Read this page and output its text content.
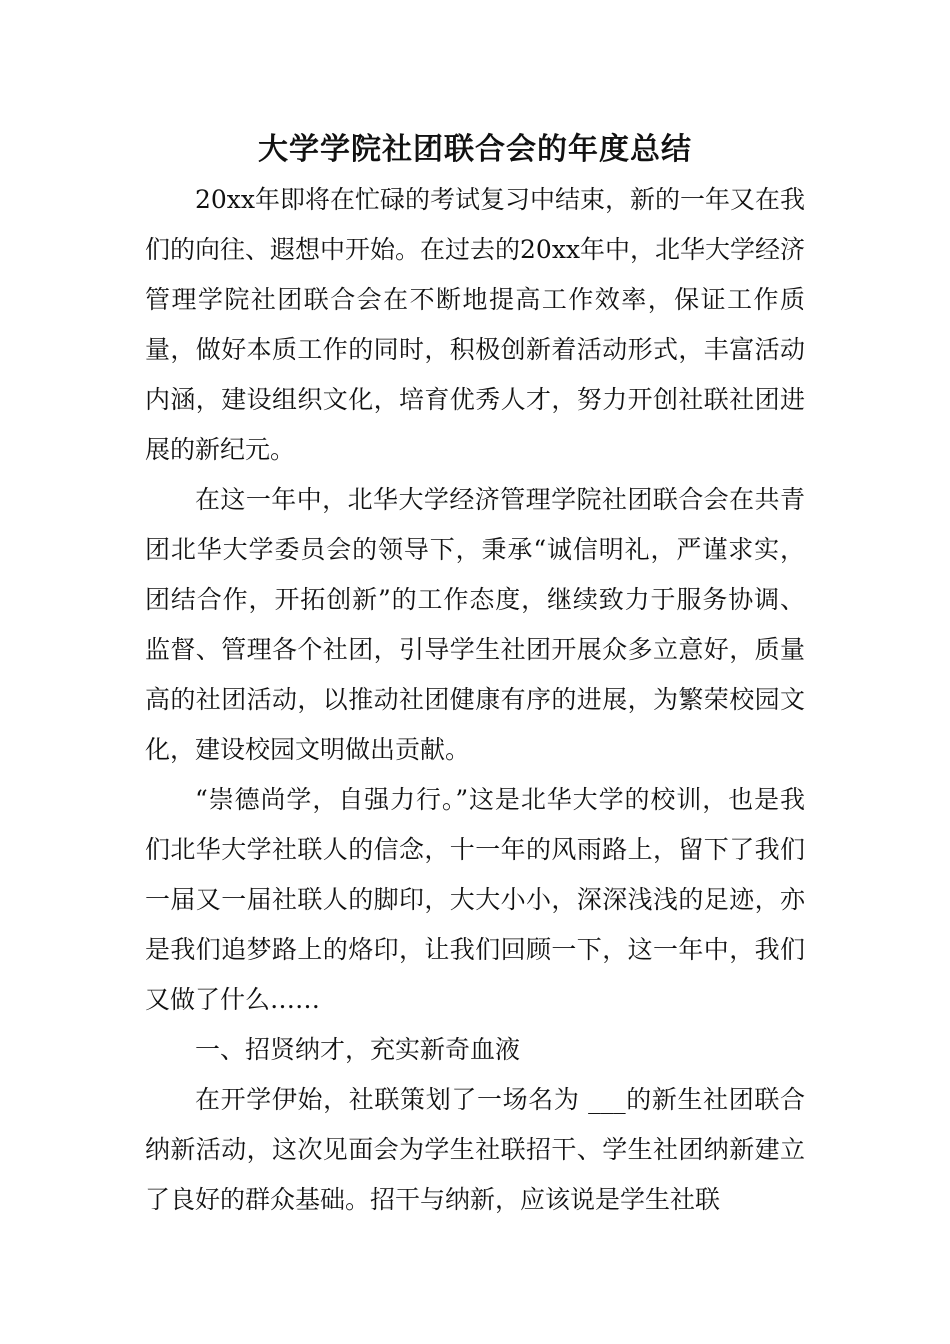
大学学院社团联合会的年度总结

20xx年即将在忙碌的考试复习中结束，新的一年又在我们的向往、遐想中开始。在过去的20xx年中，北华大学经济管理学院社团联合会在不断地提高工作效率，保证工作质量，做好本质工作的同时，积极创新着活动形式，丰富活动内涵，建设组织文化，培育优秀人才，努力开创社联社团进展的新纪元。

在这一年中，北华大学经济管理学院社团联合会在共青团北华大学委员会的领导下，秉承“诚信明礼，严谨求实，团结合作，开拓创新”的工作态度，继续致力于服务协调、监督、管理各个社团，引导学生社团开展众多立意好，质量高的社团活动，以推动社团健康有序的进展，为繁荣校园文化，建设校园文明做出贡献。

“崇德尚学，自强力行。”这是北华大学的校训，也是我们北华大学社联人的信念，十一年的风雨路上，留下了我们一届又一届社联人的脚印，大大小小，深深浅浅的足迹，亦是我们追梦路上的烙印，让我们回顾一下，这一年中，我们又做了什么……

一、招贤纳才，充实新奇血液

在开学伊始，社联策划了一场名为 ___的新生社团联合纳新活动，这次见面会为学生社联招干、学生社团纳新建立了良好的群众基础。招干与纳新，应该说是学生社联
